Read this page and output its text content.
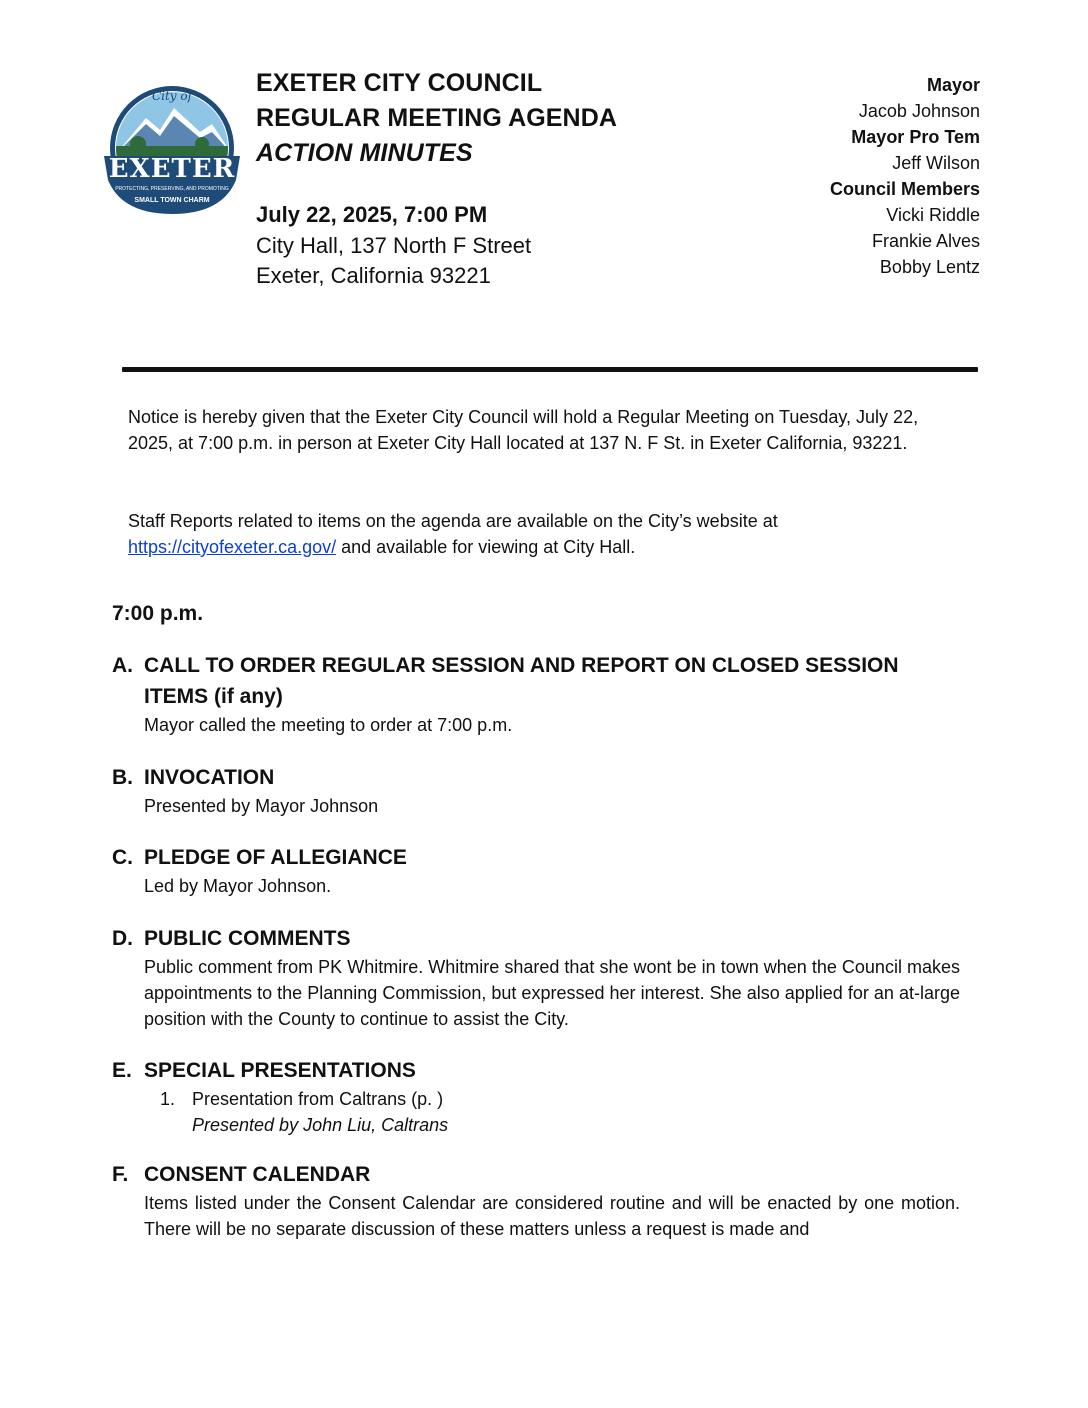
City of
EXETER
PROTECTING, PRESERVING, AND PROMOTING
SMALL TOWN CHARM
EXETER CITY COUNCIL
REGULAR MEETING AGENDA
ACTION MINUTES
July 22, 2025, 7:00 PM
City Hall, 137 North F Street
Exeter, California 93221
Mayor
Jacob Johnson
Mayor Pro Tem
Jeff Wilson
Council Members
Vicki Riddle
Frankie Alves
Bobby Lentz
Notice is hereby given that the Exeter City Council will hold a Regular Meeting on Tuesday, July 22, 2025, at 7:00 p.m. in person at Exeter City Hall located at 137 N. F St. in Exeter California, 93221.
Staff Reports related to items on the agenda are available on the City’s website at
https://cityofexeter.ca.gov/ and available for viewing at City Hall.
7:00 p.m.
A. CALL TO ORDER REGULAR SESSION AND REPORT ON CLOSED SESSION ITEMS (if any)
Mayor called the meeting to order at 7:00 p.m.
B. INVOCATION
Presented by Mayor Johnson
C. PLEDGE OF ALLEGIANCE
Led by Mayor Johnson.
D. PUBLIC COMMENTS
Public comment from PK Whitmire. Whitmire shared that she wont be in town when the Council makes appointments to the Planning Commission, but expressed her interest. She also applied for an at-large position with the County to continue to assist the City.
E. SPECIAL PRESENTATIONS
1. Presentation from Caltrans (p. )
Presented by John Liu, Caltrans
F. CONSENT CALENDAR
Items listed under the Consent Calendar are considered routine and will be enacted by one motion. There will be no separate discussion of these matters unless a request is made and
